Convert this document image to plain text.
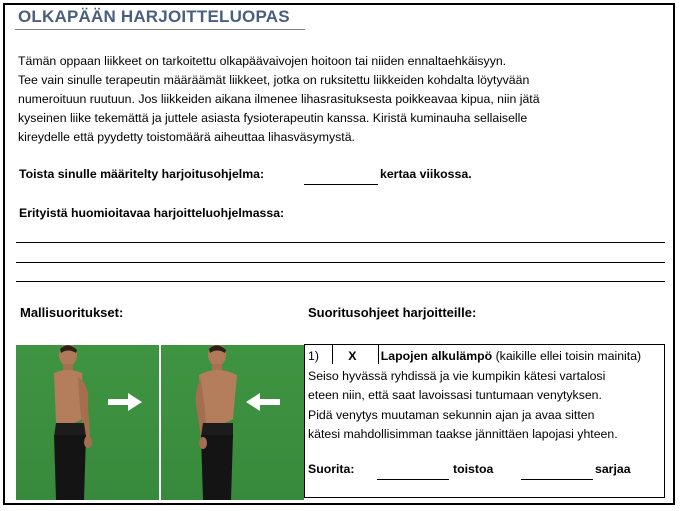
OLKAPÄÄN HARJOITTELUOPAS
Tämän oppaan liikkeet on tarkoitettu olkapäävaivojen hoitoon tai niiden ennaltaehkäisyyn.
Tee vain sinulle terapeutin määräämät liikkeet, jotka on ruksitettu liikkeiden kohdalta löytyvään
numeroituun ruutuun. Jos liikkeiden aikana ilmenee lihasrasituksesta poikkeavaa kipua, niin jätä
kyseinen liike tekemättä ja juttele asiasta fysioterapeutin kanssa. Kiristä kuminauha sellaiselle
kireydelle että pyydetty toistomäärä aiheuttaa lihasväsymystä.
Toista sinulle määritelty harjoitusohjelma:	kertaa viikossa.
Erityistä huomioitavaa harjoitteluohjelmassa:
Mallisuoritukset:	Suoritusohjeet harjoitteille:
1) X Lapojen alkulämpö (kaikille ellei toisin mainita)
Seiso hyvässä ryhdissä ja vie kumpikin kätesi vartalosi
eteen niin, että saat lavoissasi tuntumaan venytyksen.
Pidä venytys muutaman sekunnin ajan ja avaa sitten
kätesi mahdollisimman taakse jännittäen lapojasi yhteen.
Suorita:	toistoa	sarjaa
